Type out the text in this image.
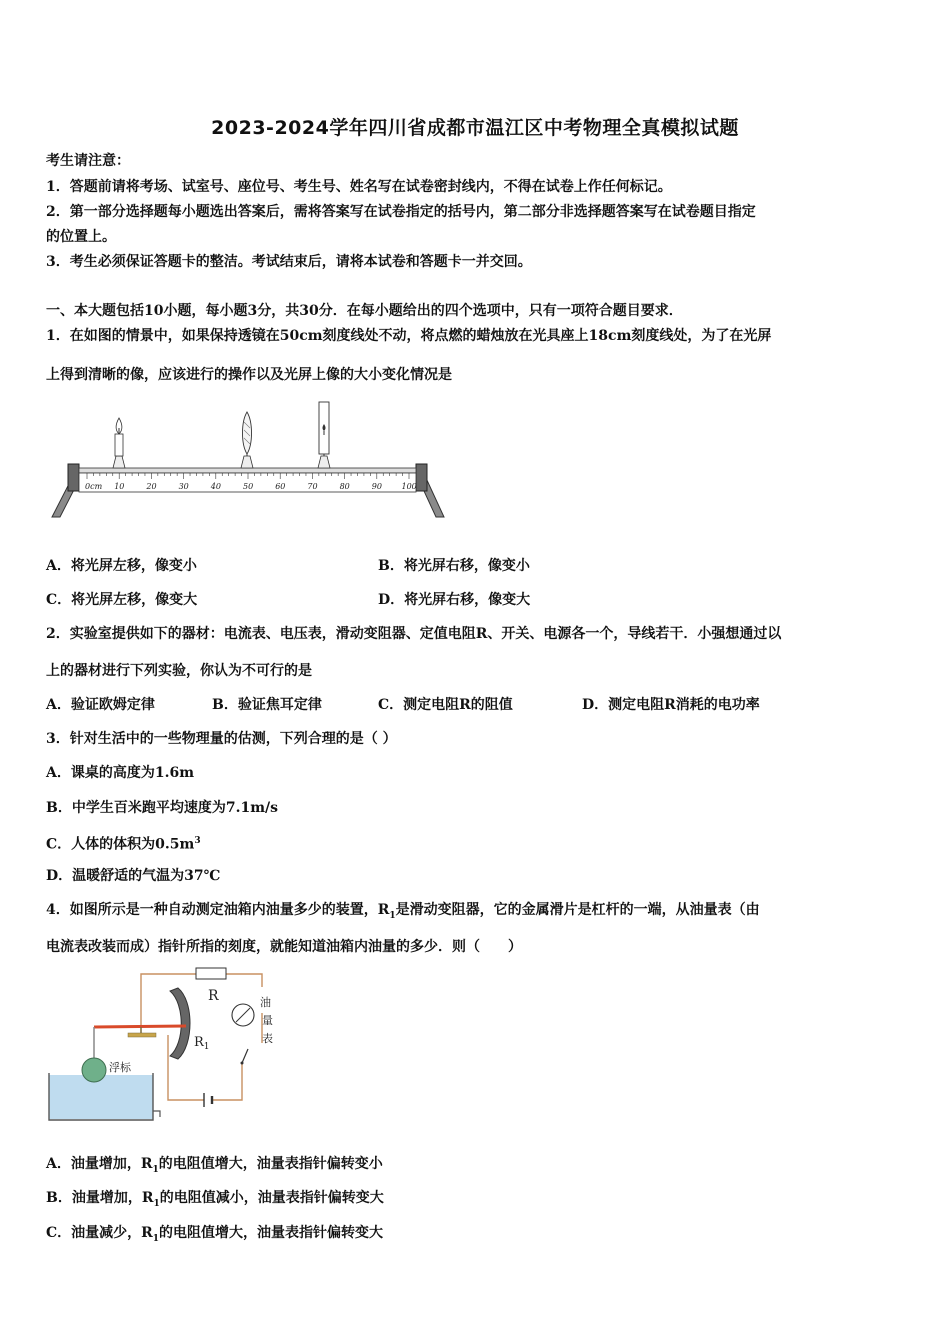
2023-2024学年四川省成都市温江区中考物理全真模拟试题
考生请注意：
1．答题前请将考场、试室号、座位号、考生号、姓名写在试卷密封线内，不得在试卷上作任何标记。
2．第一部分选择题每小题选出答案后，需将答案写在试卷指定的括号内，第二部分非选择题答案写在试卷题目指定
的位置上。
3．考生必须保证答题卡的整洁。考试结束后，请将本试卷和答题卡一并交回。
一、本大题包括10小题，每小题3分，共30分．在每小题给出的四个选项中，只有一项符合题目要求．
1．在如图的情景中，如果保持透镜在50cm刻度线处不动，将点燃的蜡烛放在光具座上18cm刻度线处，为了在光屏
上得到清晰的像，应该进行的操作以及光屏上像的大小变化情况是
0cm 10	20	30	40	50	60	70	80	90 100
A．将光屏左移，像变小	B．将光屏右移，像变小
C．将光屏左移，像变大	D．将光屏右移，像变大
2．实验室提供如下的器材：电流表、电压表，滑动变阻器、定值电阻R、开关、电源各一个，导线若干．小强想通过以
上的器材进行下列实验，你认为不可行的是
A．验证欧姆定律	B．验证焦耳定律	C．测定电阻R的阻值	D．测定电阻R消耗的电功率
3．针对生活中的一些物理量的估测，下列合理的是（ ）
A．课桌的高度为1.6m
B．中学生百米跑平均速度为7.1m/s
C．人体的体积为$0.5m^3$
D．温暖舒适的气温为37℃
4．如图所示是一种自动测定油箱内油量多少的装置，$R_1$是滑动变阻器，它的金属滑片是杠杆的一端，从油量表（由
电流表改装而成）指针所指的刻度，就能知道油箱内油量的多少．则（　　）
R
$R_1$
油
量
表
浮标
A．油量增加，$R_1$的电阻值增大，油量表指针偏转变小
B．油量增加，$R_1$的电阻值减小，油量表指针偏转变大
C．油量减少，$R_1$的电阻值增大，油量表指针偏转变大
